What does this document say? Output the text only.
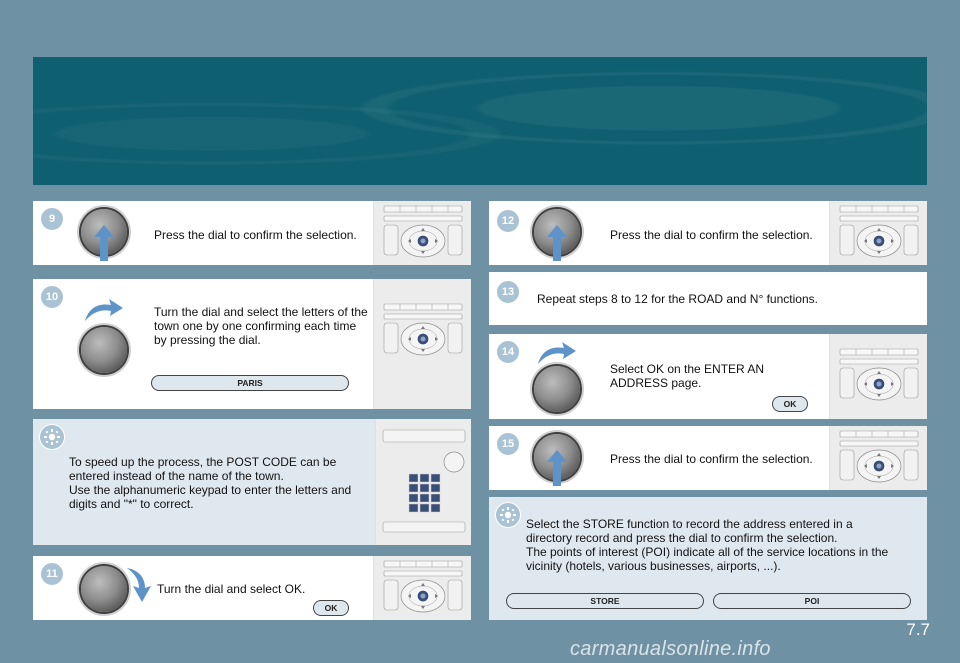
9
Press the dial to confirm the selection.
10
Turn the dial and select the letters of the town one by one confirming each time by pressing the dial.
PARIS
To speed up the process, the POST CODE can be entered instead of the name of the town.
Use the alphanumeric keypad to enter the letters and digits and "*" to correct.
11
Turn the dial and select OK.
OK
12
Press the dial to confirm the selection.
13	Repeat steps 8 to 12 for the ROAD and N° functions.
14
Select OK on the ENTER AN ADDRESS page.
OK
15
Press the dial to confirm the selection.
Select the STORE function to record the address entered in a directory record and press the dial to confirm the selection.
The points of interest (POI) indicate all of the service locations in the vicinity (hotels, various businesses, airports, ...).
STORE	POI
7.7
carmanualsonline.info
